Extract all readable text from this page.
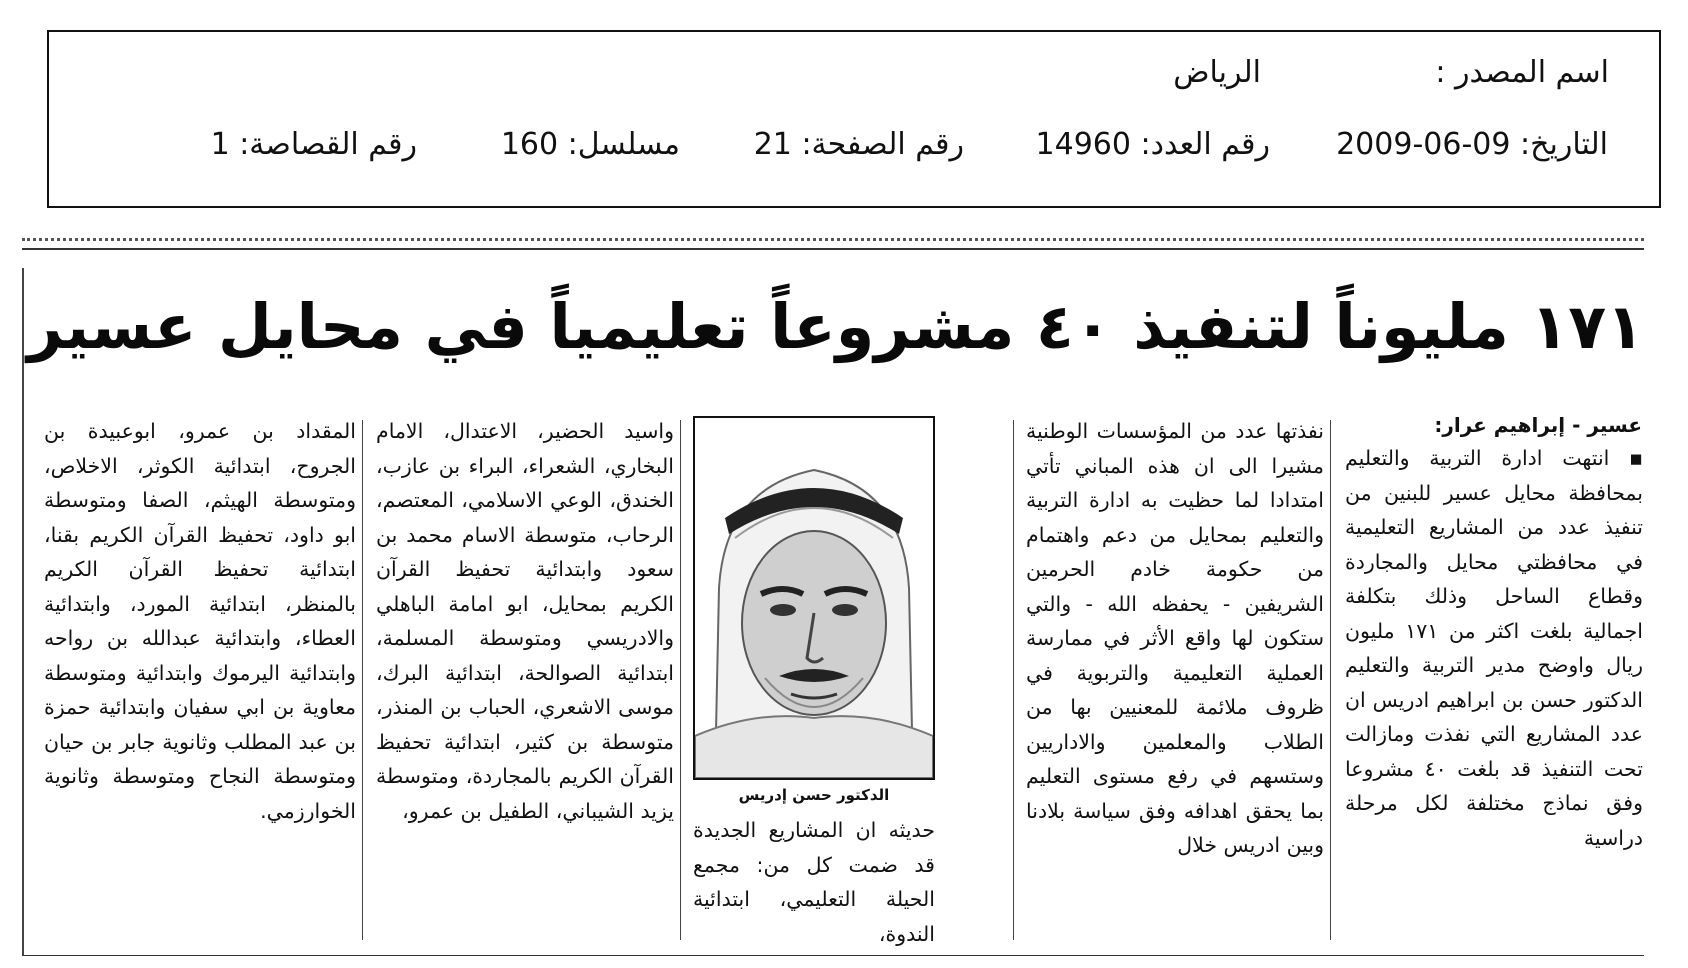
اسم المصدر :
الرياض
التاريخ: 09-06-2009
رقم العدد: 14960
رقم الصفحة: 21
مسلسل: 160
رقم القصاصة: 1
١٧١ مليوناً لتنفيذ ٤٠ مشروعاً تعليمياً في محايل عسير
عسير - إبراهيم عرار:

▪ انتهت ادارة التربية والتعليم بمحافظة محايل عسير للبنين من تنفيذ عدد من المشاريع التعليمية في محافظتي محايل والمجاردة وقطاع الساحل وذلك بتكلفة اجمالية بلغت اكثر من ١٧١ مليون ريال واوضح مدير التربية والتعليم الدكتور حسن بن ابراهيم ادريس ان عدد المشاريع التي نفذت ومازالت تحت التنفيذ قد بلغت ٤٠ مشروعا وفق نماذج مختلفة لكل مرحلة دراسية

نفذتها عدد من المؤسسات الوطنية مشيرا الى ان هذه المباني تأتي امتدادا لما حظيت به ادارة التربية والتعليم بمحايل من دعم واهتمام من حكومة خادم الحرمين الشريفين - يحفظه الله - والتي ستكون لها واقع الأثر في ممارسة العملية التعليمية والتربوية في ظروف ملائمة للمعنيين بها من الطلاب والمعلمين والاداريين وستسهم في رفع مستوى التعليم بما يحقق اهدافه وفق سياسة بلادنا وبين ادريس خلال

الدكتور حسن إدريس

حديثه ان المشاريع الجديدة قد ضمت كل من: مجمع الحيلة التعليمي، ابتدائية الندوة،

واسيد الحضير، الاعتدال، الامام البخاري، الشعراء، البراء بن عازب، الخندق، الوعي الاسلامي، المعتصم، الرحاب، متوسطة الاسام محمد بن سعود وابتدائية تحفيظ القرآن الكريم بمحايل، ابو امامة الباهلي والادريسي ومتوسطة المسلمة، ابتدائية الصوالحة، ابتدائية البرك، موسى الاشعري، الحباب بن المنذر، متوسطة بن كثير، ابتدائية تحفيظ القرآن الكريم بالمجاردة، ومتوسطة يزيد الشيباني، الطفيل بن عمرو،

المقداد بن عمرو، ابوعبيدة بن الجروح، ابتدائية الكوثر، الاخلاص، ومتوسطة الهيثم، الصفا ومتوسطة ابو داود، تحفيظ القرآن الكريم بقنا، ابتدائية تحفيظ القرآن الكريم بالمنظر، ابتدائية المورد، وابتدائية العطاء، وابتدائية عبدالله بن رواحه وابتدائية اليرموك وابتدائية ومتوسطة معاوية بن ابي سفيان وابتدائية حمزة بن عبد المطلب وثانوية جابر بن حيان ومتوسطة النجاح ومتوسطة وثانوية الخوارزمي.
